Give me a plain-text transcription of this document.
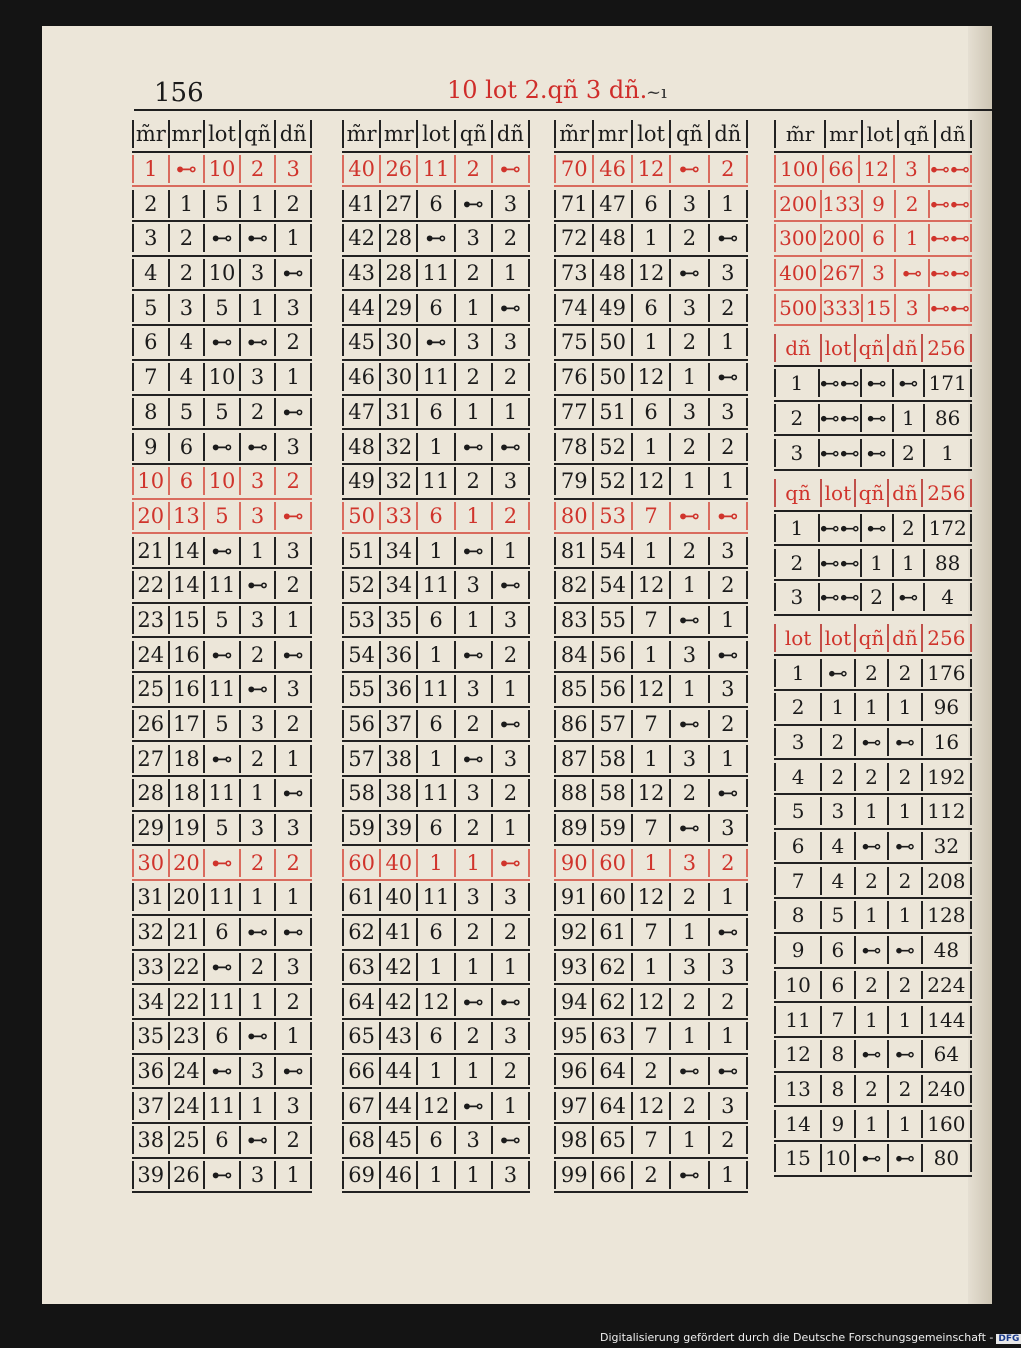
156	10 lot 2.qñ 3 dñ.
~ı
m̃r mr lot qñ dñ
1 ⊷ 10 2	3
2	1	5	1	2
3	2 ⊷ ⊷ 1
4	2 10 3 ⊷
5	3	5	1	3
6	4 ⊷ ⊷ 2
7	4 10 3	1
8	5	5	2 ⊷
9	6 ⊷ ⊷ 3
10 6 10 3	2
20 13 5	3 ⊷
21 14 ⊷ 1	3
22 14 11 ⊷ 2
23 15 5	3	1
24 16 ⊷ 2 ⊷
25 16 11 ⊷ 3
26 17 5	3	2
27 18 ⊷ 2	1
28 18 11 1 ⊷
29 19 5	3	3
30 20 ⊷ 2	2
31 20 11 1	1
32 21 6 ⊷ ⊷
33 22 ⊷ 2	3
34 22 11 1	2
35 23 6 ⊷ 1
36 24 ⊷ 3 ⊷
37 24 11 1	3
38 25 6 ⊷ 2
39 26 ⊷ 3	1
m̃r mr lot qñ dñ
40 26 11 2 ⊷
41 27 6 ⊷ 3
42 28 ⊷ 3	2
43 28 11 2	1
44 29 6	1 ⊷
45 30 ⊷ 3	3
46 30 11 2	2
47 31 6	1	1
48 32 1 ⊷ ⊷
49 32 11 2	3
50 33 6	1	2
51 34 1 ⊷ 1
52 34 11 3 ⊷
53 35 6	1	3
54 36 1 ⊷ 2
55 36 11 3	1
56 37 6	2 ⊷
57 38 1 ⊷ 3
58 38 11 3	2
59 39 6	2	1
60 40 1	1 ⊷
61 40 11 3	3
62 41 6	2	2
63 42 1	1	1
64 42 12 ⊷ ⊷
65 43 6	2	3
66 44 1	1	2
67 44 12 ⊷ 1
68 45 6	3 ⊷
69 46 1	1	3
m̃r mr lot qñ dñ
70 46 12 ⊷	2
71 47 6	3	1
72 48 1	2	⊷
73 48 12 ⊷	3
74 49 6	3	2
75 50 1	2	1
76 50 12 1	⊷
77 51 6	3	3
78 52 1	2	2
79 52 12 1	1
80 53 7	⊷ ⊷
81 54 1	2	3
82 54 12 1	2
83 55 7	⊷	1
84 56 1	3	⊷
85 56 12 1	3
86 57 7	⊷	2
87 58 1	3	1
88 58 12 2	⊷
89 59 7	⊷	3
90 60 1	3	2
91 60 12 2	1
92 61 7	1	⊷
93 62 1	3	3
94 62 12 2	2
95 63 7	1	1
96 64 2	⊷ ⊷
97 64 12 2	3
98 65 7	1	2
99 66 2	⊷	1
m̃r mr lot qñ dñ
100 66 12 3 ⊷⊷
200 133 9	2 ⊷⊷
300 200 6	1 ⊷⊷
400 267 3 ⊷ ⊷⊷
500 333 15 3 ⊷⊷
dñ lot qñ dñ 256
1 ⊷⊷ ⊷ ⊷ 171
2 ⊷⊷ ⊷ 1	86
3 ⊷⊷ ⊷ 2	1
qñ lot qñ dñ 256
1 ⊷⊷ ⊷ 2 172
2 ⊷⊷ 1 1	88
3 ⊷⊷ 2 ⊷	4
lot lot qñ dñ 256
1	⊷ 2	2 176
2	1	1	1	96
3	2 ⊷ ⊷ 16
4	2	2	2 192
5	3	1	1 112
6	4 ⊷ ⊷ 32
7	4	2	2 208
8	5	1	1 128
9	6 ⊷ ⊷ 48
10	6	2	2 224
11	7	1	1 144
12	8 ⊷ ⊷ 64
13	8	2	2 240
14	9	1	1 160
15 10 ⊷ ⊷ 80
Digitalisierung gefördert durch die Deutsche Forschungsgemeinschaft - DFG
